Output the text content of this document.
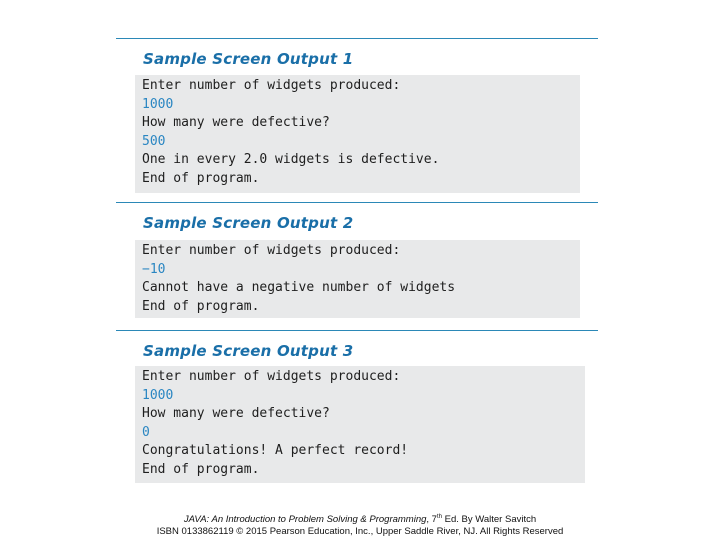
Sample Screen Output 1
Enter number of widgets produced:
1000
How many were defective?
500
One in every 2.0 widgets is defective.
End of program.
Sample Screen Output 2
Enter number of widgets produced:
−10
Cannot have a negative number of widgets
End of program.
Sample Screen Output 3
Enter number of widgets produced:
1000
How many were defective?
0
Congratulations! A perfect record!
End of program.
JAVA: An Introduction to Problem Solving & Programming, 7th Ed. By Walter Savitch
ISBN 0133862119 © 2015 Pearson Education, Inc., Upper Saddle River, NJ. All Rights Reserved
